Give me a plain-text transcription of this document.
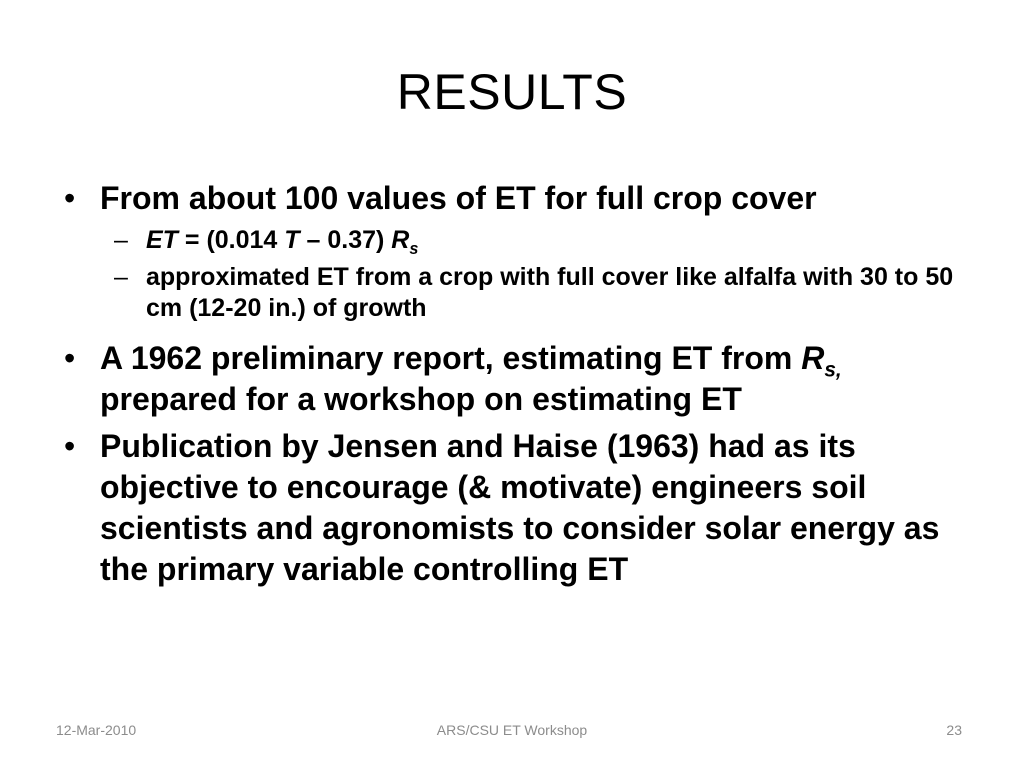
RESULTS
• From about 100 values of ET for full crop cover
– ET = (0.014 T – 0.37) $R_s$
– approximated ET from a crop with full cover like alfalfa with 30 to 50 cm (12-20 in.) of growth
• A 1962 preliminary report, estimating ET from $R_{s,}$ prepared for a workshop on estimating ET
• Publication by Jensen and Haise (1963) had as its objective to encourage (& motivate) engineers soil scientists and agronomists to consider solar energy as the primary variable controlling ET
12-Mar-2010	ARS/CSU ET Workshop	23
